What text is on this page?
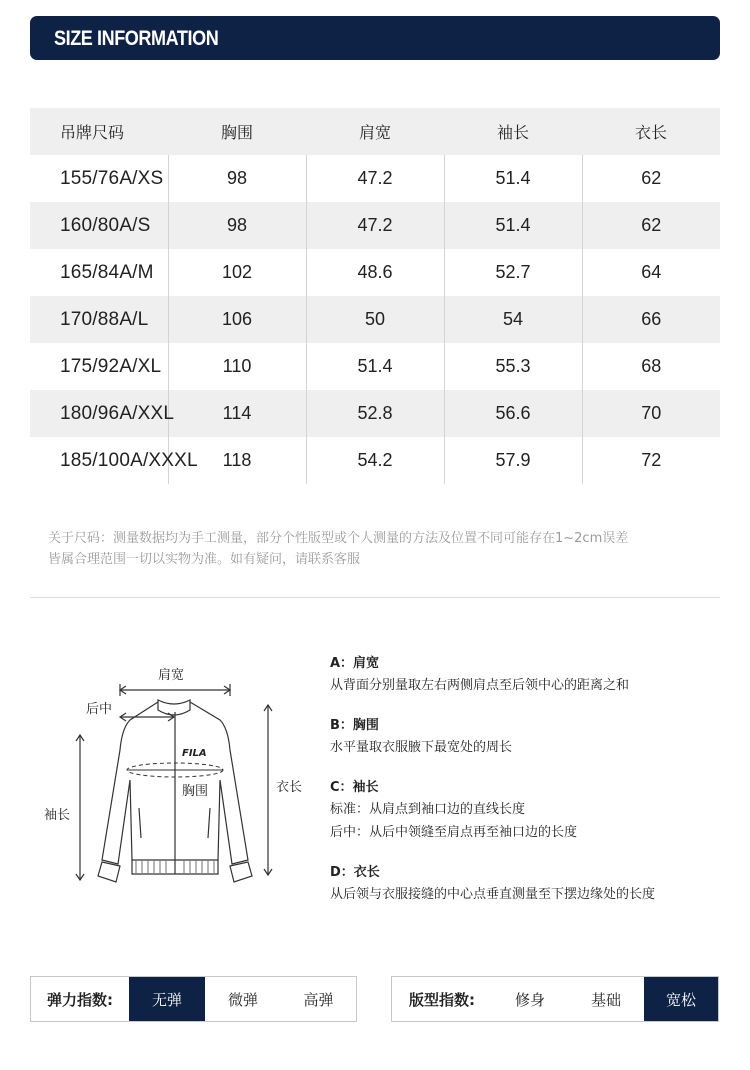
SIZE INFORMATION
吊牌尺码	胸围	肩宽	袖长	衣长
155/76A/XS	98	47.2	51.4	62
160/80A/S	98	47.2	51.4	62
165/84A/M	102	48.6	52.7	64
170/88A/L	106	50	54	66
175/92A/XL	110	51.4	55.3	68
180/96A/XXL	114	52.8	56.6	70
185/100A/XXXL	118	54.2	57.9	72
关于尺码：测量数据均为手工测量，部分个性版型或个人测量的方法及位置不同可能存在1~2cm误差
皆属合理范围一切以实物为准。如有疑问，请联系客服
肩宽
后中
袖长
衣长
胸围
FILA
A：肩宽
从背面分别量取左右两侧肩点至后领中心的距离之和
B：胸围
水平量取衣服腋下最宽处的周长
C：袖长
标准：从肩点到袖口边的直线长度
后中：从后中领缝至肩点再至袖口边的长度
D：衣长
从后领与衣服接缝的中心点垂直测量至下摆边缘处的长度
弹力指数:	无弹	微弹	高弹	版型指数:	修身	基础	宽松
